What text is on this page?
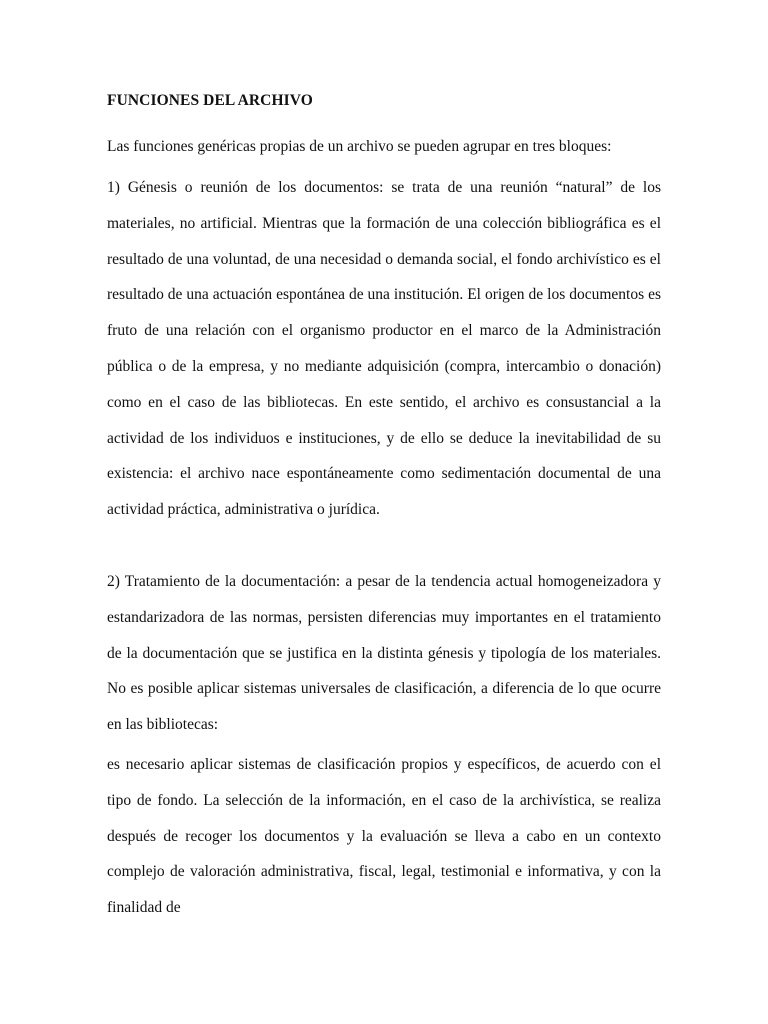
FUNCIONES DEL ARCHIVO

Las funciones genéricas propias de un archivo se pueden agrupar en tres bloques:

1) Génesis o reunión de los documentos: se trata de una reunión “natural” de los materiales, no artificial. Mientras que la formación de una colección bibliográfica es el resultado de una voluntad, de una necesidad o demanda social, el fondo archivístico es el resultado de una actuación espontánea de una institución. El origen de los documentos es fruto de una relación con el organismo productor en el marco de la Administración pública o de la empresa, y no mediante adquisición (compra, intercambio o donación) como en el caso de las bibliotecas. En este sentido, el archivo es consustancial a la actividad de los individuos e instituciones, y de ello se deduce la inevitabilidad de su existencia: el archivo nace espontáneamente como sedimentación documental de una actividad práctica, administrativa o jurídica.

2) Tratamiento de la documentación: a pesar de la tendencia actual homogeneizadora y estandarizadora de las normas, persisten diferencias muy importantes en el tratamiento de la documentación que se justifica en la distinta génesis y tipología de los materiales. No es posible aplicar sistemas universales de clasificación, a diferencia de lo que ocurre en las bibliotecas:

es necesario aplicar sistemas de clasificación propios y específicos, de acuerdo con el tipo de fondo. La selección de la información, en el caso de la archivística, se realiza después de recoger los documentos y la evaluación se lleva a cabo en un contexto complejo de valoración administrativa, fiscal, legal, testimonial e informativa, y con la finalidad de
